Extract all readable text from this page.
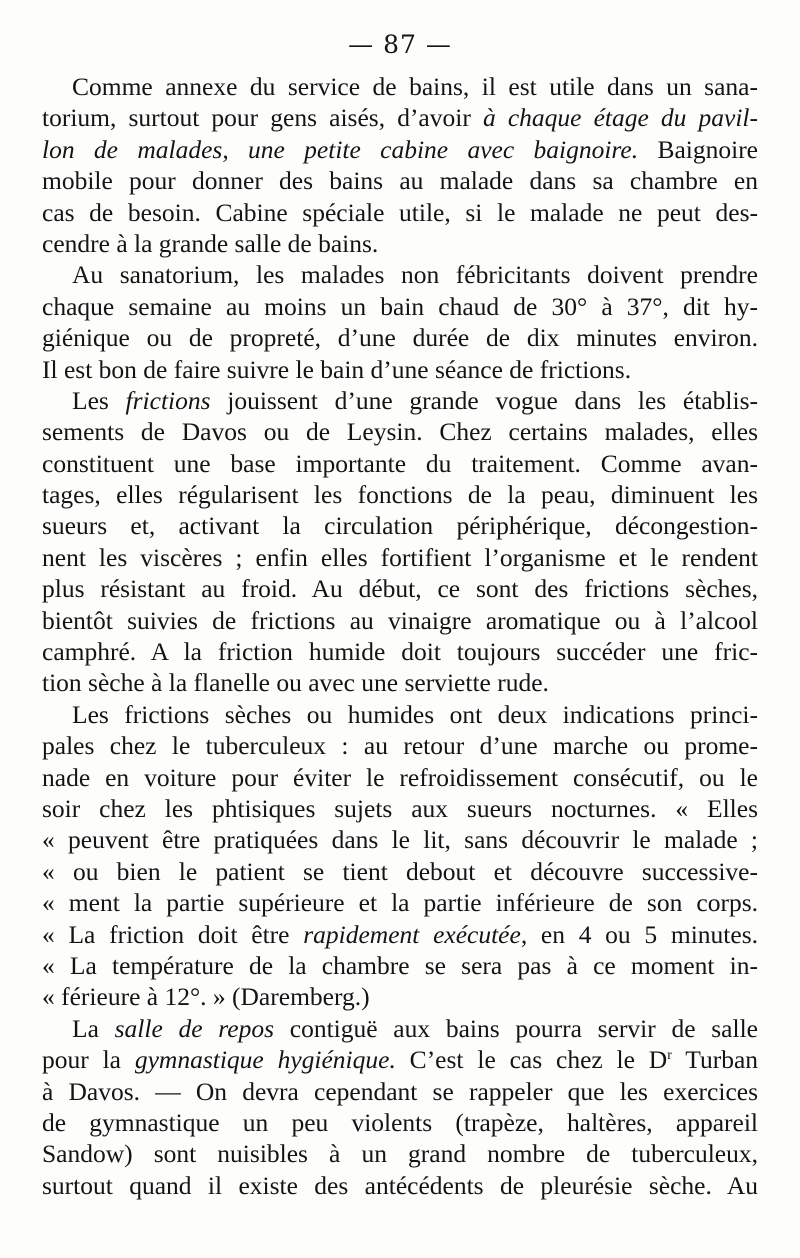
— 87 —
Comme annexe du service de bains, il est utile dans un sana-
torium, surtout pour gens aisés, d’avoir à chaque étage du pavil-
lon de malades, une petite cabine avec baignoire. Baignoire
mobile pour donner des bains au malade dans sa chambre en
cas de besoin. Cabine spéciale utile, si le malade ne peut des-
cendre à la grande salle de bains.
Au sanatorium, les malades non fébricitants doivent prendre
chaque semaine au moins un bain chaud de 30° à 37°, dit hy-
giénique ou de propreté, d’une durée de dix minutes environ.
Il est bon de faire suivre le bain d’une séance de frictions.
Les frictions jouissent d’une grande vogue dans les établis-
sements de Davos ou de Leysin. Chez certains malades, elles
constituent une base importante du traitement. Comme avan-
tages, elles régularisent les fonctions de la peau, diminuent les
sueurs et, activant la circulation périphérique, décongestion-
nent les viscères ; enfin elles fortifient l’organisme et le rendent
plus résistant au froid. Au début, ce sont des frictions sèches,
bientôt suivies de frictions au vinaigre aromatique ou à l’alcool
camphré. A la friction humide doit toujours succéder une fric-
tion sèche à la flanelle ou avec une serviette rude.
Les frictions sèches ou humides ont deux indications princi-
pales chez le tuberculeux : au retour d’une marche ou prome-
nade en voiture pour éviter le refroidissement consécutif, ou le
soir chez les phtisiques sujets aux sueurs nocturnes. « Elles
« peuvent être pratiquées dans le lit, sans découvrir le malade ;
« ou bien le patient se tient debout et découvre successive-
« ment la partie supérieure et la partie inférieure de son corps.
« La friction doit être rapidement exécutée, en 4 ou 5 minutes.
« La température de la chambre se sera pas à ce moment in-
« férieure à 12°. » (Daremberg.)
La salle de repos contiguë aux bains pourra servir de salle
pour la gymnastique hygiénique. C’est le cas chez le $D^r$ Turban
à Davos. — On devra cependant se rappeler que les exercices
de gymnastique un peu violents (trapèze, haltères, appareil
Sandow) sont nuisibles à un grand nombre de tuberculeux,
surtout quand il existe des antécédents de pleurésie sèche. Au
